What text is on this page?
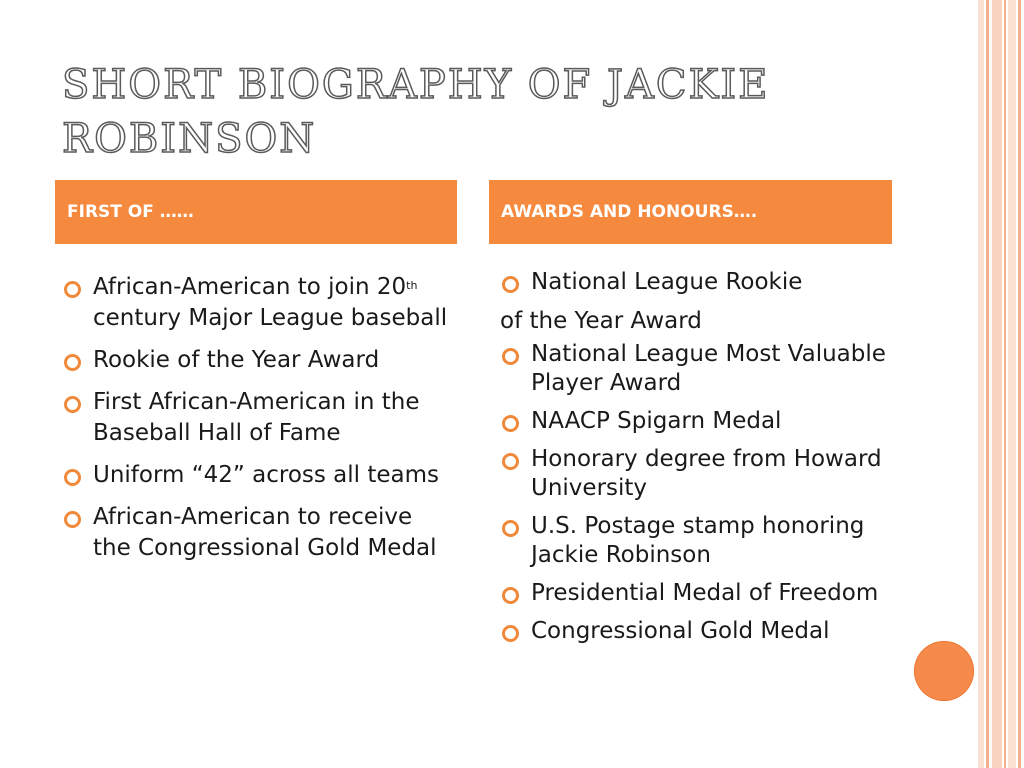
SHORT BIOGRAPHY OF JACKIE
ROBINSON
FIRST OF ……	AWARDS AND HONOURS….
African-American to join 20th century Major League baseball
Rookie of the Year Award
First African-American in the Baseball Hall of Fame
Uniform “42” across all teams
African-American to receive the Congressional Gold Medal
National League Rookie
of the Year Award
National League Most Valuable Player Award
NAACP Spigarn Medal
Honorary degree from Howard University
U.S. Postage stamp honoring Jackie Robinson
Presidential Medal of Freedom
Congressional Gold Medal
